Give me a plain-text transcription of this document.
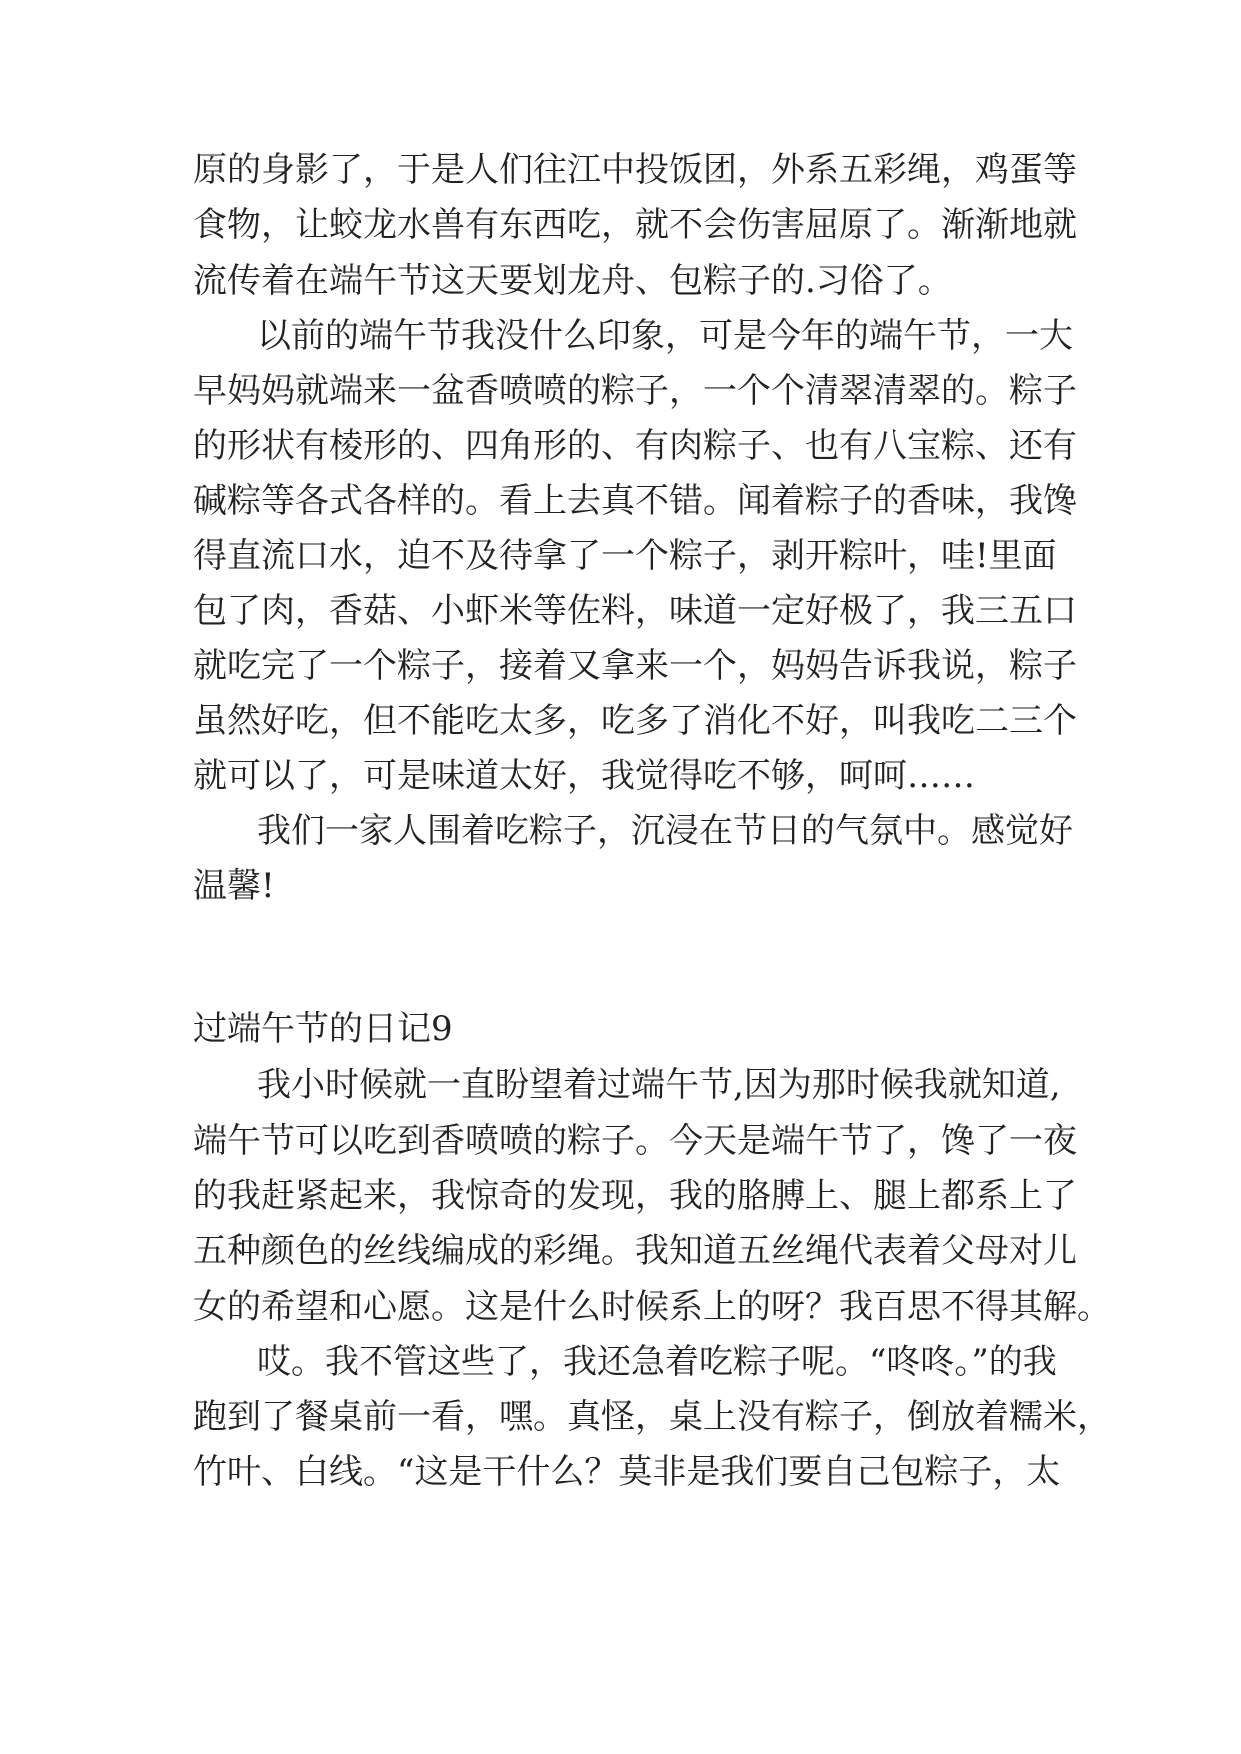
原的身影了，于是人们往江中投饭团，外系五彩绳，鸡蛋等
食物，让蛟龙水兽有东西吃，就不会伤害屈原了。渐渐地就
流传着在端午节这天要划龙舟、包粽子的.习俗了。
以前的端午节我没什么印象，可是今年的端午节，一大
早妈妈就端来一盆香喷喷的粽子，一个个清翠清翠的。粽子
的形状有棱形的、四角形的、有肉粽子、也有八宝粽、还有
碱粽等各式各样的。看上去真不错。闻着粽子的香味，我馋
得直流口水，迫不及待拿了一个粽子，剥开粽叶，哇!里面
包了肉，香菇、小虾米等佐料，味道一定好极了，我三五口
就吃完了一个粽子，接着又拿来一个，妈妈告诉我说，粽子
虽然好吃，但不能吃太多，吃多了消化不好，叫我吃二三个
就可以了，可是味道太好，我觉得吃不够，呵呵……
我们一家人围着吃粽子，沉浸在节日的气氛中。感觉好
温馨!
过端午节的日记9
我小时候就一直盼望着过端午节,因为那时候我就知道,
端午节可以吃到香喷喷的粽子。今天是端午节了，馋了一夜
的我赶紧起来，我惊奇的发现，我的胳膊上、腿上都系上了
五种颜色的丝线编成的彩绳。我知道五丝绳代表着父母对儿
女的希望和心愿。这是什么时候系上的呀？我百思不得其解。
哎。我不管这些了，我还急着吃粽子呢。“咚咚。”的我
跑到了餐桌前一看，嘿。真怪，桌上没有粽子，倒放着糯米，
竹叶、白线。“这是干什么？莫非是我们要自己包粽子，太
